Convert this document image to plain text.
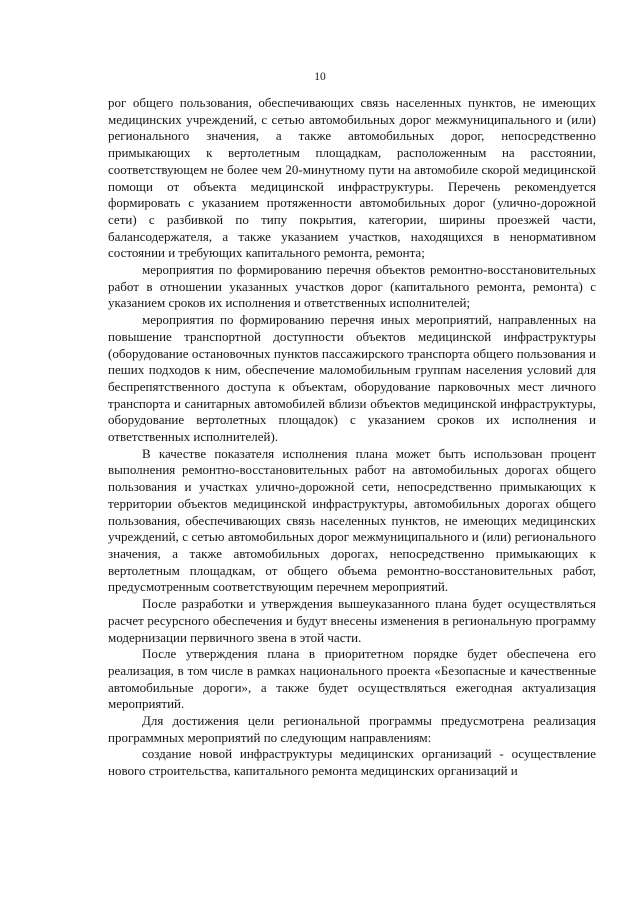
10

рог общего пользования, обеспечивающих связь населенных пунктов, не имеющих медицинских учреждений, с сетью автомобильных дорог межмуниципального и (или) регионального значения, а также автомобильных дорог, непосредственно примыкающих к вертолетным площадкам, расположенным на расстоянии, соответствующем не более чем 20-минутному пути на автомобиле скорой медицинской помощи от объекта медицинской инфраструктуры. Перечень рекомендуется формировать с указанием протяженности автомобильных дорог (улично-дорожной сети) с разбивкой по типу покрытия, категории, ширины проезжей части, балансодержателя, а также указанием участков, находящихся в ненормативном состоянии и требующих капитального ремонта, ремонта;

мероприятия по формированию перечня объектов ремонтно-восстановительных работ в отношении указанных участков дорог (капитального ремонта, ремонта) с указанием сроков их исполнения и ответственных исполнителей;

мероприятия по формированию перечня иных мероприятий, направленных на повышение транспортной доступности объектов медицинской инфраструктуры (оборудование остановочных пунктов пассажирского транспорта общего пользования и пеших подходов к ним, обеспечение маломобильным группам населения условий для беспрепятственного доступа к объектам, оборудование парковочных мест личного транспорта и санитарных автомобилей вблизи объектов медицинской инфраструктуры, оборудование вертолетных площадок) с указанием сроков их исполнения и ответственных исполнителей).

В качестве показателя исполнения плана может быть использован процент выполнения ремонтно-восстановительных работ на автомобильных дорогах общего пользования и участках улично-дорожной сети, непосредственно примыкающих к территории объектов медицинской инфраструктуры, автомобильных дорогах общего пользования, обеспечивающих связь населенных пунктов, не имеющих медицинских учреждений, с сетью автомобильных дорог межмуниципального и (или) регионального значения, а также автомобильных дорогах, непосредственно примыкающих к вертолетным площадкам, от общего объема ремонтно-восстановительных работ, предусмотренным соответствующим перечнем мероприятий.

После разработки и утверждения вышеуказанного плана будет осуществляться расчет ресурсного обеспечения и будут внесены изменения в региональную программу модернизации первичного звена в этой части.

После утверждения плана в приоритетном порядке будет обеспечена его реализация, в том числе в рамках национального проекта «Безопасные и качественные автомобильные дороги», а также будет осуществляться ежегодная актуализация мероприятий.

Для достижения цели региональной программы предусмотрена реализация программных мероприятий по следующим направлениям:

создание новой инфраструктуры медицинских организаций - осуществление нового строительства, капитального ремонта медицинских организаций и
